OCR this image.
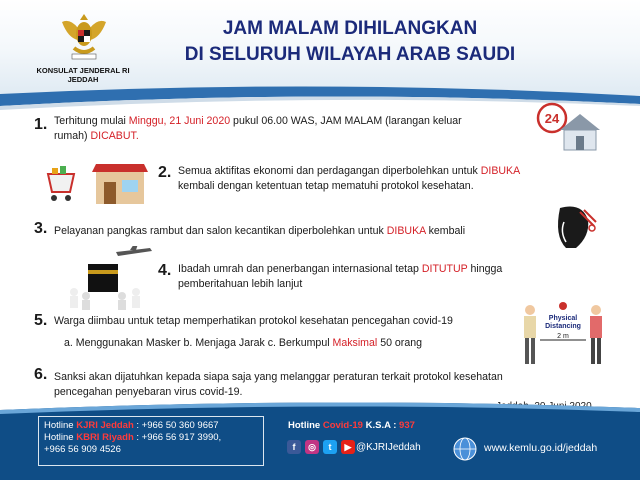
KONSULAT JENDERAL RI
JEDDAH
JAM MALAM DIHILANGKAN
DI SELURUH WILAYAH ARAB SAUDI
1. Terhitung mulai Minggu, 21 Juni 2020 pukul 06.00 WAS, JAM MALAM (larangan keluar
rumah) DICABUT.
24
2. Semua aktifitas ekonomi dan perdagangan diperbolehkan untuk DIBUKA
kembali dengan ketentuan tetap mematuhi protokol kesehatan.
3. Pelayanan pangkas rambut dan salon kecantikan diperbolehkan untuk DIBUKA kembali
4. Ibadah umrah dan penerbangan internasional tetap DITUTUP hingga
pemberitahuan lebih lanjut
5. Warga diimbau untuk tetap memperhatikan protokol kesehatan pencegahan covid-19
a. Menggunakan Masker b. Menjaga Jarak c. Berkumpul Maksimal 50 orang
Physical
Distancing
2 m
6. Sanksi akan dijatuhkan kepada siapa saja yang melanggar peraturan terkait protokol kesehatan
pencegahan penyebaran virus covid-19.
Hotline KJRI Jeddah : +966 50 360 9667
Hotline KBRI Riyadh : +966 56 917 3990,
+966 56 909 4526
Hotline Covid-19 K.S.A : 937
f	◎	t	▶ @KJRIJeddah	www.kemlu.go.id/jeddah
